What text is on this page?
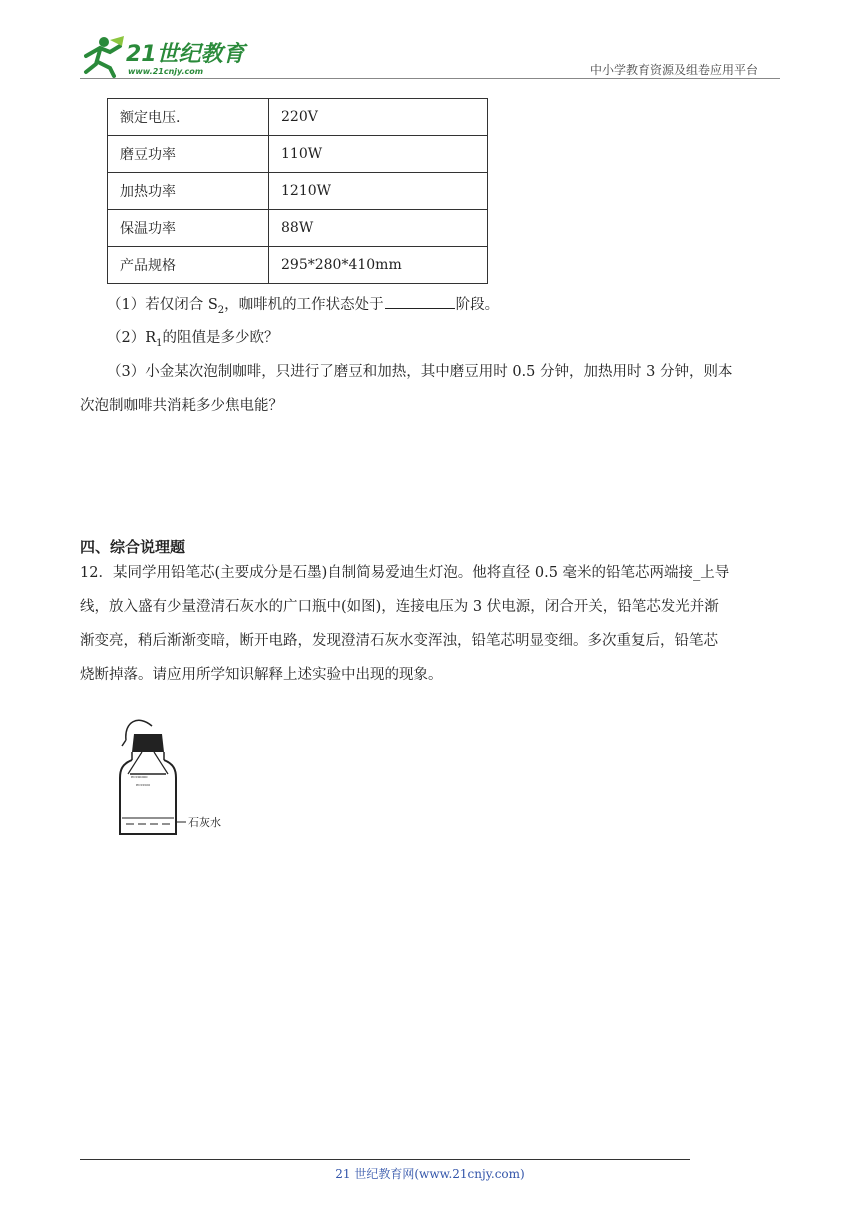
21世纪教育
www.21cnjy.com	中小学教育资源及组卷应用平台
额定电压.	220V
磨豆功率	110W
加热功率	1210W
保温功率	88W
产品规格	295*280*410mm
（1）若仅闭合 $S_2$，咖啡机的工作状态处于	阶段。
$(2)R_1$的阻值是多少欧？
（3）小金某次泡制咖啡，只进行了磨豆和加热，其中磨豆用时 0.5 分钟，加热用时 3 分钟，则本
次泡制咖啡共消耗多少焦电能？
四、综合说理题
12．某同学用铅笔芯(主要成分是石墨)自制简易爱迪生灯泡。他将直径 0.5 毫米的铅笔芯两端接_上导
线，放入盛有少量澄清石灰水的广口瓶中(如图)，连接电压为 3 伏电源，闭合开关，铅笔芯发光并渐
渐变亮，稍后渐渐变暗，断开电路，发现澄清石灰水变浑浊，铅笔芯明显变细。多次重复后，铅笔芯
烧断掉落。请应用所学知识解释上述实验中出现的现象。
eccoooo
ecccoo
石灰水
21 世纪教育网(www.21cnjy.com)
